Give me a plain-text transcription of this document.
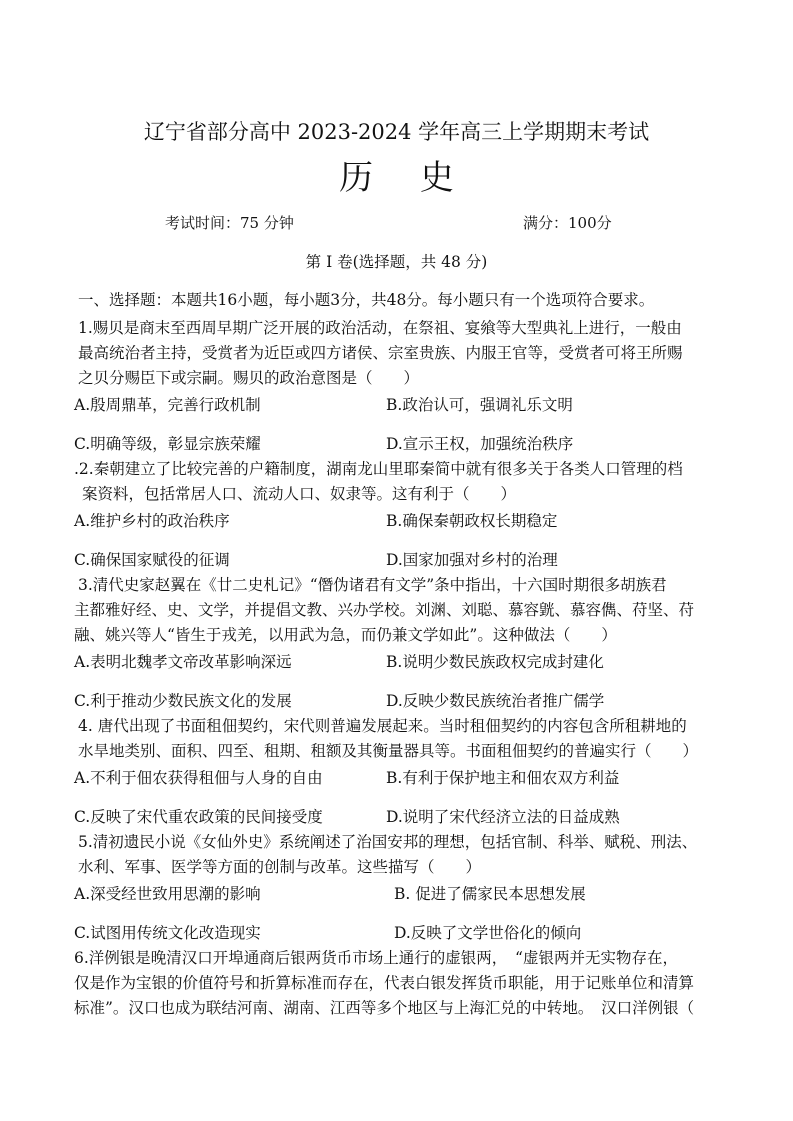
辽宁省部分高中 2023-2024 学年高三上学期期末考试
历 史
考试时间：75 分钟	满分：100分
第 Ⅰ 卷(选择题，共 48 分)
一、选择题：本题共16小题，每小题3分，共48分。每小题只有一个选项符合要求。
1.赐贝是商末至西周早期广泛开展的政治活动，在祭祖、宴飨等大型典礼上进行，一般由
最高统治者主持，受赏者为近臣或四方诸侯、宗室贵族、内服王官等，受赏者可将王所赐
之贝分赐臣下或宗嗣。赐贝的政治意图是（　　）
A.殷周鼎革，完善行政机制	B.政治认可，强调礼乐文明
C.明确等级，彰显宗族荣耀	D.宣示王权，加强统治秩序
.2.秦朝建立了比较完善的户籍制度，湖南龙山里耶秦简中就有很多关于各类人口管理的档
案资料，包括常居人口、流动人口、奴隶等。这有利于（　　）
A.维护乡村的政治秩序	B.确保秦朝政权长期稳定
C.确保国家赋役的征调	D.国家加强对乡村的治理
3.清代史家赵翼在《廿二史札记》“僭伪诸君有文学”条中指出，十六国时期很多胡族君
主都雅好经、史、文学，并提倡文教、兴办学校。刘渊、刘聪、慕容皝、慕容儁、苻坚、苻
融、姚兴等人“皆生于戎羌，以用武为急，而仍兼文学如此”。这种做法（　　）
A.表明北魏孝文帝改革影响深远	B.说明少数民族政权完成封建化
C.利于推动少数民族文化的发展	D.反映少数民族统治者推广儒学
4. 唐代出现了书面租佃契约，宋代则普遍发展起来。当时租佃契约的内容包含所租耕地的
水旱地类别、面积、四至、租期、租额及其衡量器具等。书面租佃契约的普遍实行（　　）
A.不利于佃农获得租佃与人身的自由	B.有利于保护地主和佃农双方利益
C.反映了宋代重农政策的民间接受度	D.说明了宋代经济立法的日益成熟
5.清初遗民小说《女仙外史》系统阐述了治国安邦的理想，包括官制、科举、赋税、刑法、
水利、军事、医学等方面的创制与改革。这些描写（　　）
A.深受经世致用思潮的影响	B. 促进了儒家民本思想发展
C.试图用传统文化改造现实	D.反映了文学世俗化的倾向
6.洋例银是晚清汉口开埠通商后银两货币市场上通行的虚银两，　“虚银两并无实物存在，
仅是作为宝银的价值符号和折算标准而存在，代表白银发挥货币职能，用于记账单位和清算
标准”。汉口也成为联结河南、湖南、江西等多个地区与上海汇兑的中转地。　汉口洋例银（
